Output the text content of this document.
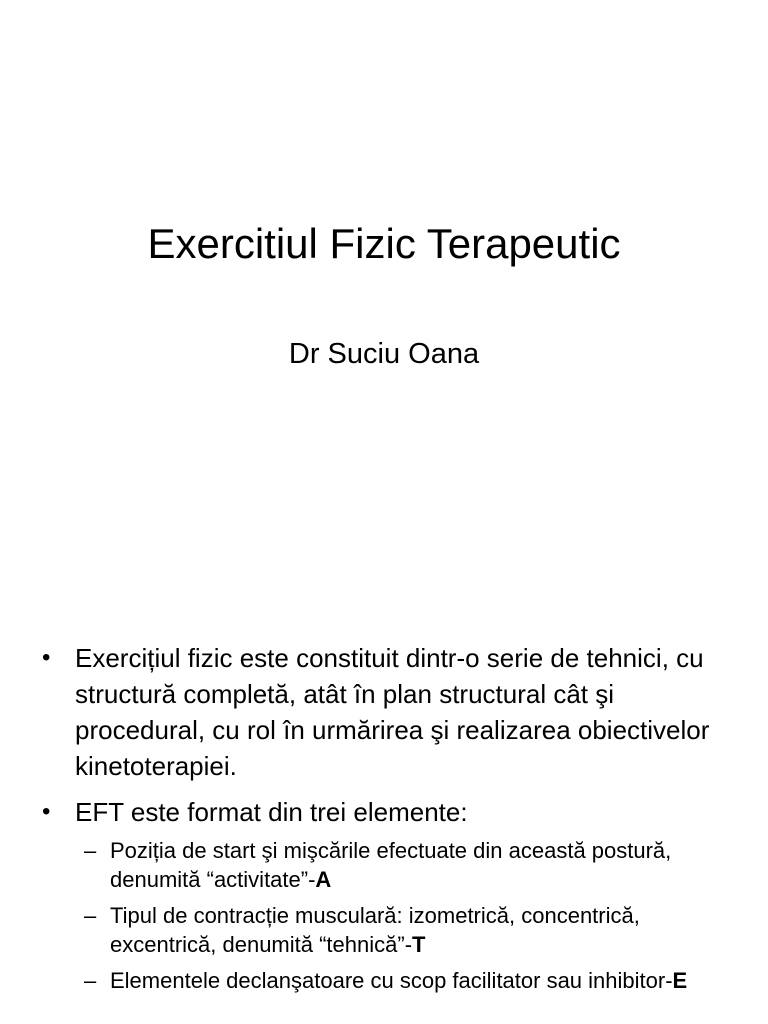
Exercitiul Fizic Terapeutic
Dr Suciu Oana
• Exercițiul fizic este constituit dintr-o serie de tehnici, cu structură completă, atât în plan structural cât şi procedural, cu rol în urmărirea şi realizarea obiectivelor kinetoterapiei.
• EFT este format din trei elemente:
– Poziția de start şi mişcările efectuate din această postură, denumită “activitate”-A
– Tipul de contracție musculară: izometrică, concentrică, excentrică, denumită “tehnică”-T
– Elementele declanşatoare cu scop facilitator sau inhibitor-E
